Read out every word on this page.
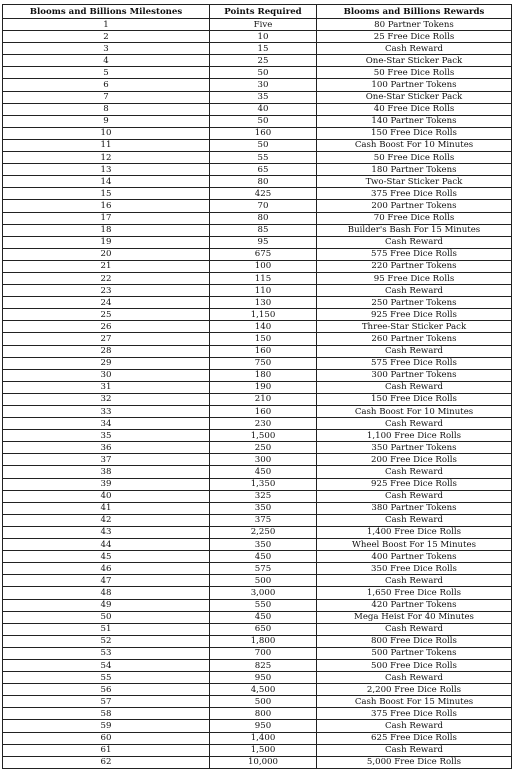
Blooms and Billions Milestones	Points Required	Blooms and Billions Rewards
1	Five	80 Partner Tokens
2	10	25 Free Dice Rolls
3	15	Cash Reward
4	25	One-Star Sticker Pack
5	50	50 Free Dice Rolls
6	30	100 Partner Tokens
7	35	One-Star Sticker Pack
8	40	40 Free Dice Rolls
9	50	140 Partner Tokens
10	160	150 Free Dice Rolls
11	50	Cash Boost For 10 Minutes
12	55	50 Free Dice Rolls
13	65	180 Partner Tokens
14	80	Two-Star Sticker Pack
15	425	375 Free Dice Rolls
16	70	200 Partner Tokens
17	80	70 Free Dice Rolls
18	85	Builder's Bash For 15 Minutes
19	95	Cash Reward
20	675	575 Free Dice Rolls
21	100	220 Partner Tokens
22	115	95 Free Dice Rolls
23	110	Cash Reward
24	130	250 Partner Tokens
25	1,150	925 Free Dice Rolls
26	140	Three-Star Sticker Pack
27	150	260 Partner Tokens
28	160	Cash Reward
29	750	575 Free Dice Rolls
30	180	300 Partner Tokens
31	190	Cash Reward
32	210	150 Free Dice Rolls
33	160	Cash Boost For 10 Minutes
34	230	Cash Reward
35	1,500	1,100 Free Dice Rolls
36	250	350 Partner Tokens
37	300	200 Free Dice Rolls
38	450	Cash Reward
39	1,350	925 Free Dice Rolls
40	325	Cash Reward
41	350	380 Partner Tokens
42	375	Cash Reward
43	2,250	1,400 Free Dice Rolls
44	350	Wheel Boost For 15 Minutes
45	450	400 Partner Tokens
46	575	350 Free Dice Rolls
47	500	Cash Reward
48	3,000	1,650 Free Dice Rolls
49	550	420 Partner Tokens
50	450	Mega Heist For 40 Minutes
51	650	Cash Reward
52	1,800	800 Free Dice Rolls
53	700	500 Partner Tokens
54	825	500 Free Dice Rolls
55	950	Cash Reward
56	4,500	2,200 Free Dice Rolls
57	500	Cash Boost For 15 Minutes
58	800	375 Free Dice Rolls
59	950	Cash Reward
60	1,400	625 Free Dice Rolls
61	1,500	Cash Reward
62	10,000	5,000 Free Dice Rolls
